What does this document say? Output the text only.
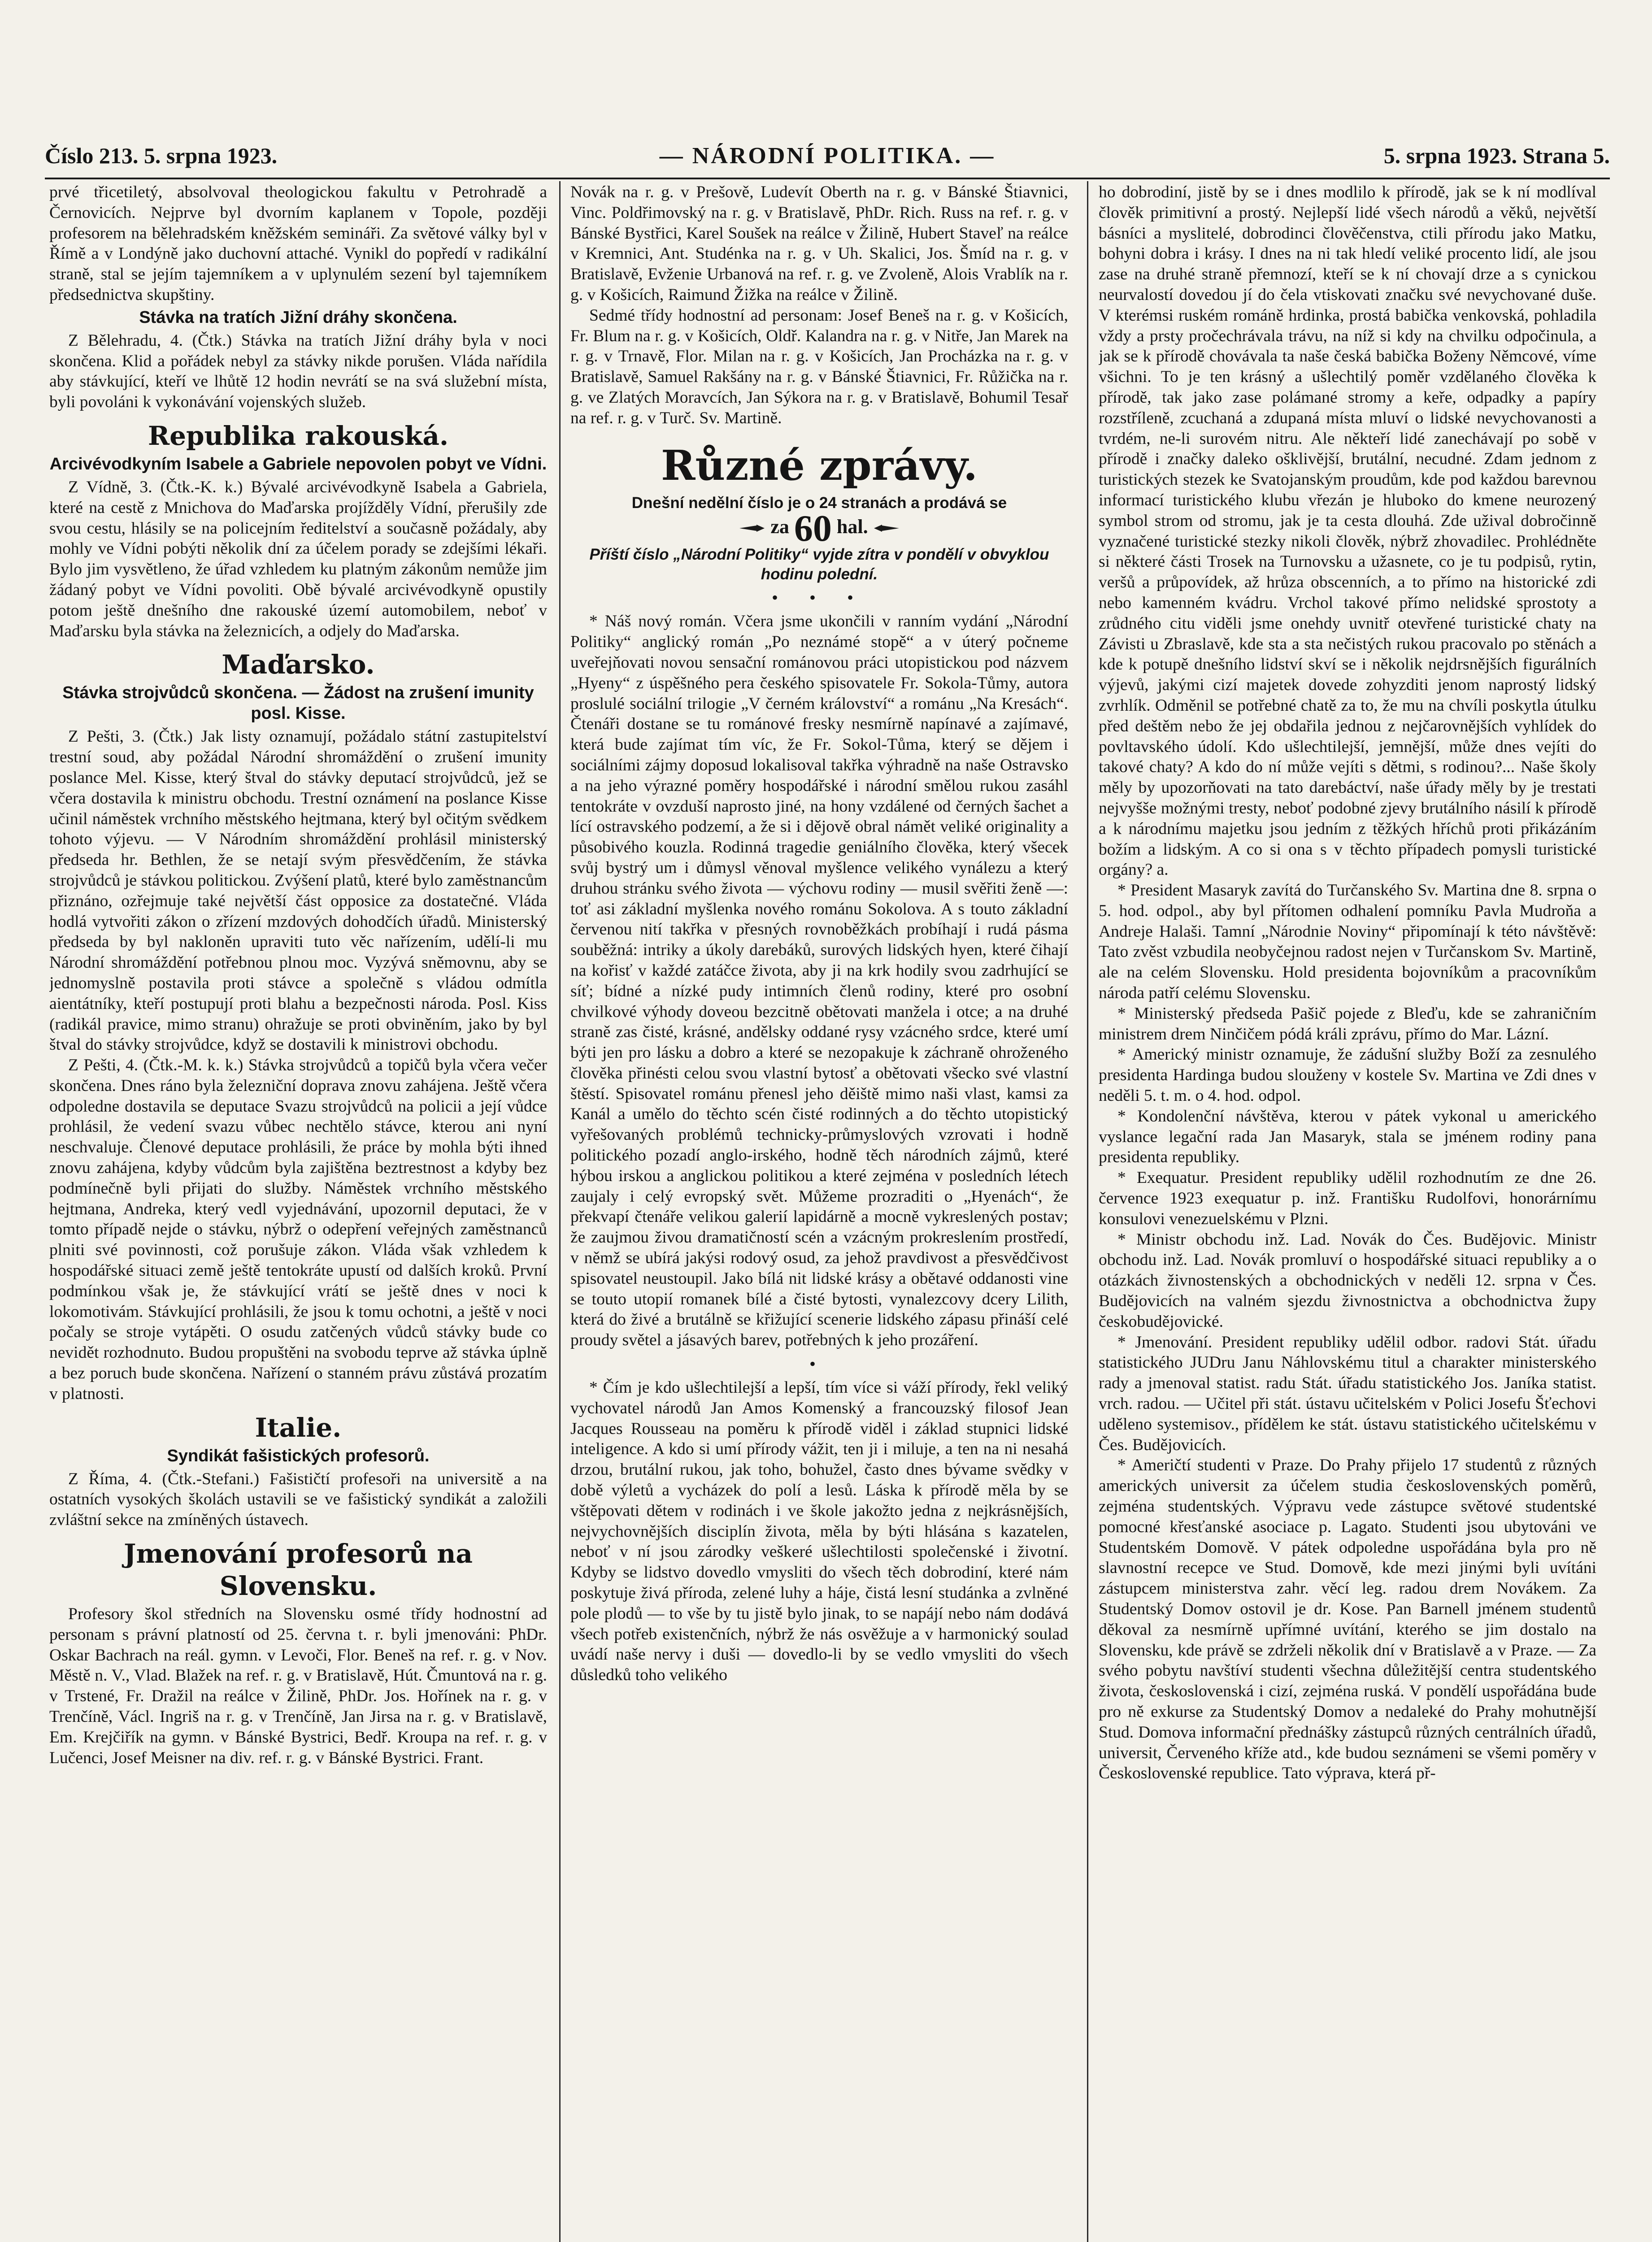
Číslo 213. 5. srpna 1923.	— NÁRODNÍ POLITIKA. —	5. srpna 1923. Strana 5.

prvé třicetiletý, absolvoval theologickou fakultu v Petrohradě a Černovicích. Nejprve byl dvorním kaplanem v Topole, později profesorem na bělehradském kněžském semináři. Za světové války byl v Římě a v Londýně jako duchovní attaché. Vynikl do popředí v radikální straně, stal se jejím tajemníkem a v uplynulém sezení byl tajemníkem předsednictva skupštiny.

Stávka na tratích Jižní dráhy skončena.

Z Bělehradu, 4. (Čtk.) Stávka na tratích Jižní dráhy byla v noci skončena. Klid a pořádek nebyl za stávky nikde porušen. Vláda nařídila aby stávkující, kteří ve lhůtě 12 hodin nevrátí se na svá služební místa, byli povoláni k vykonávání vojenských služeb.

Republika rakouská.
Arcivévodkyním Isabele a Gabriele nepovolen pobyt ve Vídni.

Z Vídně, 3. (Čtk.-K. k.) Bývalé arcivévodkyně Isabela a Gabriela, které na cestě z Mnichova do Maďarska projížděly Vídní, přerušily zde svou cestu, hlásily se na policejním ředitelství a současně požádaly, aby mohly ve Vídni pobýti několik dní za účelem porady se zdejšími lékaři. Bylo jim vysvětleno, že úřad vzhledem ku platným zákonům nemůže jim žádaný pobyt ve Vídni povoliti. Obě bývalé arcivévodkyně opustily potom ještě dnešního dne rakouské území automobilem, neboť v Maďarsku byla stávka na železnicích, a odjely do Maďarska.

Maďarsko.
Stávka strojvůdců skončena. — Žádost na zrušení imunity posl. Kisse.

Z Pešti, 3. (Čtk.) Jak listy oznamují, požádalo státní zastupitelství trestní soud, aby požádal Národní shromáždění o zrušení imunity poslance Mel. Kisse, který štval do stávky deputací strojvůdců, jež se včera dostavila k ministru obchodu. Trestní oznámení na poslance Kisse učinil náměstek vrchního městského hejtmana, který byl očitým svědkem tohoto výjevu. — V Národním shromáždění prohlásil ministerský předseda hr. Bethlen, že se netají svým přesvědčením, že stávka strojvůdců je stávkou politickou. Zvýšení platů, které bylo zaměstnancům přiznáno, ozřejmuje také největší část opposice za dostatečné. Vláda hodlá vytvořiti zákon o zřízení mzdových dohodčích úřadů. Ministerský předseda by byl nakloněn upraviti tuto věc nařízením, udělí-li mu Národní shromáždění potřebnou plnou moc. Vyzývá sněmovnu, aby se jednomyslně postavila proti stávce a společně s vládou odmítla aientátníky, kteří postupují proti blahu a bezpečnosti národa. Posl. Kiss (radikál pravice, mimo stranu) ohražuje se proti obviněním, jako by byl štval do stávky strojvůdce, když se dostavili k ministrovi obchodu.

Z Pešti, 4. (Čtk.-M. k. k.) Stávka strojvůdců a topičů byla včera večer skončena. Dnes ráno byla železniční doprava znovu zahájena. Ještě včera odpoledne dostavila se deputace Svazu strojvůdců na policii a její vůdce prohlásil, že vedení svazu vůbec nechtělo stávce, kterou ani nyní neschvaluje. Členové deputace prohlásili, že práce by mohla býti ihned znovu zahájena, kdyby vůdcům byla zajištěna beztrestnost a kdyby bez podmínečně byli přijati do služby. Náměstek vrchního městského hejtmana, Andreka, který vedl vyjednávání, upozornil deputaci, že v tomto případě nejde o stávku, nýbrž o odepření veřejných zaměstnanců plniti své povinnosti, což porušuje zákon. Vláda však vzhledem k hospodářské situaci země ještě tentokráte upustí od dalších kroků. První podmínkou však je, že stávkující vrátí se ještě dnes v noci k lokomotivám. Stávkující prohlásili, že jsou k tomu ochotni, a ještě v noci počaly se stroje vytápěti. O osudu zatčených vůdců stávky bude co nevidět rozhodnuto. Budou propuštěni na svobodu teprve až stávka úplně a bez poruch bude skončena. Nařízení o stanném právu zůstává prozatím v platnosti.

Italie.
Syndikát fašistických profesorů.

Z Říma, 4. (Čtk.-Stefani.) Fašističtí profesoři na universitě a na ostatních vysokých školách ustavili se ve fašistický syndikát a založili zvláštní sekce na zmíněných ústavech.

Jmenování profesorů na Slovensku.

Profesory škol středních na Slovensku osmé třídy hodnostní ad personam s právní platností od 25. června t. r. byli jmenováni: PhDr. Oskar Bachrach na reál. gymn. v Levoči, Flor. Beneš na ref. r. g. v Nov. Městě n. V., Vlad. Blažek na ref. r. g. v Bratislavě, Hút. Čmuntová na r. g. v Trstené, Fr. Dražil na reálce v Žilině, PhDr. Jos. Hořínek na r. g. v Trenčíně, Václ. Ingriš na r. g. v Trenčíně, Jan Jirsa na r. g. v Bratislavě, Em. Krejčiřík na gymn. v Bánské Bystrici, Bedř. Kroupa na ref. r. g. v Lučenci, Josef Meisner na div. ref. r. g. v Bánské Bystrici. Frant.

Novák na r. g. v Prešově, Ludevít Oberth na r. g. v Bánské Štiavnici, Vinc. Poldřimovský na r. g. v Bratislavě, PhDr. Rich. Russ na ref. r. g. v Bánské Bystřici, Karel Soušek na reálce v Žilině, Hubert Staveľ na reálce v Kremnici, Ant. Studénka na r. g. v Uh. Skalici, Jos. Šmíd na r. g. v Bratislavě, Evženie Urbanová na ref. r. g. ve Zvoleně, Alois Vrablík na r. g. v Košicích, Raimund Žižka na reálce v Žilině.

Sedmé třídy hodnostní ad personam: Josef Beneš na r. g. v Košicích, Fr. Blum na r. g. v Košicích, Oldř. Kalandra na r. g. v Nitře, Jan Marek na r. g. v Trnavě, Flor. Milan na r. g. v Košicích, Jan Procházka na r. g. v Bratislavě, Samuel Rakšány na r. g. v Bánské Štiavnici, Fr. Růžička na r. g. ve Zlatých Moravcích, Jan Sýkora na r. g. v Bratislavě, Bohumil Tesař na ref. r. g. v Turč. Sv. Martině.

Různé zprávy.
Dnešní nedělní číslo je o 24 stranách a prodává se
za 60 hal.
Příští číslo „Národní Politiky“ vyjde zítra v pondělí v obvyklou hodinu polední.
• • •

* Náš nový román. Včera jsme ukončili v ranním vydání „Národní Politiky“ anglický román „Po neznámé stopě“ a v úterý počneme uveřejňovati novou sensační románovou práci utopistickou pod názvem „Hyeny“ z úspěšného pera českého spisovatele Fr. Sokola-Tůmy, autora proslulé sociální trilogie „V černém království“ a románu „Na Kresách“. Čtenáři dostane se tu románové fresky nesmírně napínavé a zajímavé, která bude zajímat tím víc, že Fr. Sokol-Tůma, který se dějem i sociálními zájmy doposud lokalisoval takřka výhradně na naše Ostravsko a na jeho výrazné poměry hospodářské i národní smělou rukou zasáhl tentokráte v ovzduší naprosto jiné, na hony vzdálené od černých šachet a lící ostravského podzemí, a že si i dějově obral námět veliké originality a působivého kouzla. Rodinná tragedie geniálního člověka, který všecek svůj bystrý um i důmysl věnoval myšlence velikého vynálezu a který druhou stránku svého života — výchovu rodiny — musil svěřiti ženě —: toť asi základní myšlenka nového románu Sokolova. A s touto základní červenou nití takřka v přesných rovnoběžkách probíhají i rudá pásma souběžná: intriky a úkoly darebáků, surových lidských hyen, které čihají na kořisť v každé zatáčce života, aby ji na krk hodily svou zadrhující se síť; bídné a nízké pudy intimních členů rodiny, které pro osobní chvilkové výhody doveou bezcitně obětovati manžela i otce; a na druhé straně zas čisté, krásné, andělsky oddané rysy vzácného srdce, které umí býti jen pro lásku a dobro a které se nezopakuje k záchraně ohroženého člověka přinésti celou svou vlastní bytosť a obětovati všecko své vlastní štěstí. Spisovatel románu přenesl jeho děiště mimo naši vlast, kamsi za Kanál a umělo do těchto scén čisté rodinných a do těchto utopistický vyřešovaných problémů technicky-průmyslových vzrovati i hodně politického pozadí anglo-irského, hodně těch národních zájmů, které hýbou irskou a anglickou politikou a které zejména v posledních létech zaujaly i celý evropský svět. Můžeme prozraditi o „Hyenách“, že překvapí čtenáře velikou galerií lapidárně a mocně vykreslených postav; že zaujmou živou dramatičností scén a vzácným prokreslením prostředí, v němž se ubírá jakýsi rodový osud, za jehož pravdivost a přesvědčivost spisovatel neustoupil. Jako bílá nit lidské krásy a obětavé oddanosti vine se touto utopií romanek bílé a čisté bytosti, vynalezcovy dcery Lilith, která do živé a brutálně se křižující scenerie lidského zápasu přináší celé proudy světel a jásavých barev, potřebných k jeho prozáření.

•

* Čím je kdo ušlechtilejší a lepší, tím více si váží přírody, řekl veliký vychovatel národů Jan Amos Komenský a francouzský filosof Jean Jacques Rousseau na poměru k přírodě viděl i základ stupnici lidské inteligence. A kdo si umí přírody vážit, ten ji i miluje, a ten na ni nesahá drzou, brutální rukou, jak toho, bohužel, často dnes bývame svědky v době výletů a vycházek do polí a lesů. Láska k přírodě měla by se vštěpovati dětem v rodinách i ve škole jakožto jedna z nejkrásnějších, nejvychovnějších disciplín života, měla by býti hlásána s kazatelen, neboť v ní jsou zárodky veškeré ušlechtilosti společenské i životní. Kdyby se lidstvo dovedlo vmysliti do všech těch dobrodiní, které nám poskytuje živá příroda, zelené luhy a háje, čistá lesní studánka a zvlněné pole plodů — to vše by tu jistě bylo jinak, to se napájí nebo nám dodává všech potřeb existenčních, nýbrž že nás osvěžuje a v harmonický soulad uvádí naše nervy i duši — dovedlo-li by se vedlo vmysliti do všech důsledků toho velikého

ho dobrodiní, jistě by se i dnes modlilo k přírodě, jak se k ní modlíval člověk primitivní a prostý. Nejlepší lidé všech národů a věků, největší básníci a myslitelé, dobrodinci člověčenstva, ctili přírodu jako Matku, bohyni dobra i krásy. I dnes na ni tak hledí veliké procento lidí, ale jsou zase na druhé straně přemnozí, kteří se k ní chovají drze a s cynickou neurvalostí dovedou jí do čela vtiskovati značku své nevychované duše. V kterémsi ruském románě hrdinka, prostá babička venkovská, pohladila vždy a prsty pročechrávala trávu, na níž si kdy na chvilku odpočinula, a jak se k přírodě chovávala ta naše česká babička Boženy Němcové, víme všichni. To je ten krásný a ušlechtilý poměr vzdělaného člověka k přírodě, tak jako zase polámané stromy a keře, odpadky a papíry rozstříleně, zcuchaná a zdupaná místa mluví o lidské nevychovanosti a tvrdém, ne-li surovém nitru. Ale někteří lidé zanechávají po sobě v přírodě i značky daleko ošklivější, brutální, necudné. Zdam jednom z turistických stezek ke Svatojanským proudům, kde pod každou barevnou informací turistického klubu vřezán je hluboko do kmene neurozený symbol strom od stromu, jak je ta cesta dlouhá. Zde užival dobročinně vyznačené turistické stezky nikoli člověk, nýbrž zhovadilec. Prohlédněte si některé části Trosek na Turnovsku a užasnete, co je tu podpisů, rytin, veršů a průpovídek, až hrůza obscenních, a to přímo na historické zdi nebo kamenném kvádru. Vrchol takové přímo nelidské sprostoty a zrůdného citu viděli jsme onehdy uvnitř otevřené turistické chaty na Závisti u Zbraslavě, kde sta a sta nečistých rukou pracovalo po stěnách a kde k potupě dnešního lidství skví se i několik nejdrsnějších figurálních výjevů, jakými cizí majetek dovede zohyzditi jenom naprostý lidský zvrhlík. Odměnil se potřebné chatě za to, že mu na chvíli poskytla útulku před deštěm nebo že jej obdařila jednou z nejčarovnějších vyhlídek do povltavského údolí. Kdo ušlechtilejší, jemnější, může dnes vejíti do takové chaty? A kdo do ní může vejíti s dětmi, s rodinou?... Naše školy měly by upozorňovati na tato darebáctví, naše úřady měly by je trestati nejvyšše možnými tresty, neboť podobné zjevy brutálního násilí k přírodě a k národnímu majetku jsou jedním z těžkých hříchů proti přikázáním božím a lidským. A co si ona s v těchto případech pomysli turistické orgány? a.

* President Masaryk zavítá do Turčanského Sv. Martina dne 8. srpna o 5. hod. odpol., aby byl přítomen odhalení pomníku Pavla Mudroňa a Andreje Halaši. Tamní „Národnie Noviny“ připomínají k této návštěvě: Tato zvěst vzbudila neobyčejnou radost nejen v Turčanskom Sv. Martině, ale na celém Slovensku. Hold presidenta bojovníkům a pracovníkům národa patří celému Slovensku.

* Ministerský předseda Pašič pojede z Bleďu, kde se zahraničním ministrem drem Ninčičem pódá králi zprávu, přímo do Mar. Lázní.

* Americký ministr oznamuje, že zádušní služby Boží za zesnulého presidenta Hardinga budou slouženy v kostele Sv. Martina ve Zdi dnes v neděli 5. t. m. o 4. hod. odpol.

* Kondolenční návštěva, kterou v pátek vykonal u amerického vyslance legační rada Jan Masaryk, stala se jménem rodiny pana presidenta republiky.

* Exequatur. President republiky udělil rozhodnutím ze dne 26. července 1923 exequatur p. inž. Františku Rudolfovi, honorárnímu konsulovi venezuelskému v Plzni.

* Ministr obchodu inž. Lad. Novák do Čes. Budějovic. Ministr obchodu inž. Lad. Novák promluví o hospodářské situaci republiky a o otázkách živnostenských a obchodnických v neděli 12. srpna v Čes. Budějovicích na valném sjezdu živnostnictva a obchodnictva župy českobudějovické.

* Jmenování. President republiky udělil odbor. radovi Stát. úřadu statistického JUDru Janu Náhlovskému titul a charakter ministerského rady a jmenoval statist. radu Stát. úřadu statistického Jos. Janíka statist. vrch. radou. — Učitel při stát. ústavu učitelském v Polici Josefu Šťechovi uděleno systemisov., přídělem ke stát. ústavu statistického učitelskému v Čes. Budějovicích.

* Američtí studenti v Praze. Do Prahy přijelo 17 studentů z různých amerických universit za účelem studia československých poměrů, zejména studentských. Výpravu vede zástupce světové studentské pomocné křesťanské asociace p. Lagato. Studenti jsou ubytováni ve Studentském Domově. V pátek odpoledne uspořádána byla pro ně slavnostní recepce ve Stud. Domově, kde mezi jinými byli uvítáni zástupcem ministerstva zahr. věcí leg. radou drem Novákem. Za Studentský Domov ostovil je dr. Kose. Pan Barnell jménem studentů děkoval za nesmírně upřímné uvítání, kterého se jim dostalo na Slovensku, kde právě se zdrželi několik dní v Bratislavě a v Praze. — Za svého pobytu navštíví studenti všechna důležitější centra studentského života, československá i cizí, zejména ruská. V pondělí uspořádána bude pro ně exkurse za Studentský Domov a nedaleké do Prahy mohutnější Stud. Domova informační přednášky zástupců různých centrálních úřadů, universit, Červeného kříže atd., kde budou seznámeni se všemi poměry v Československé republice. Tato výprava, která př-
